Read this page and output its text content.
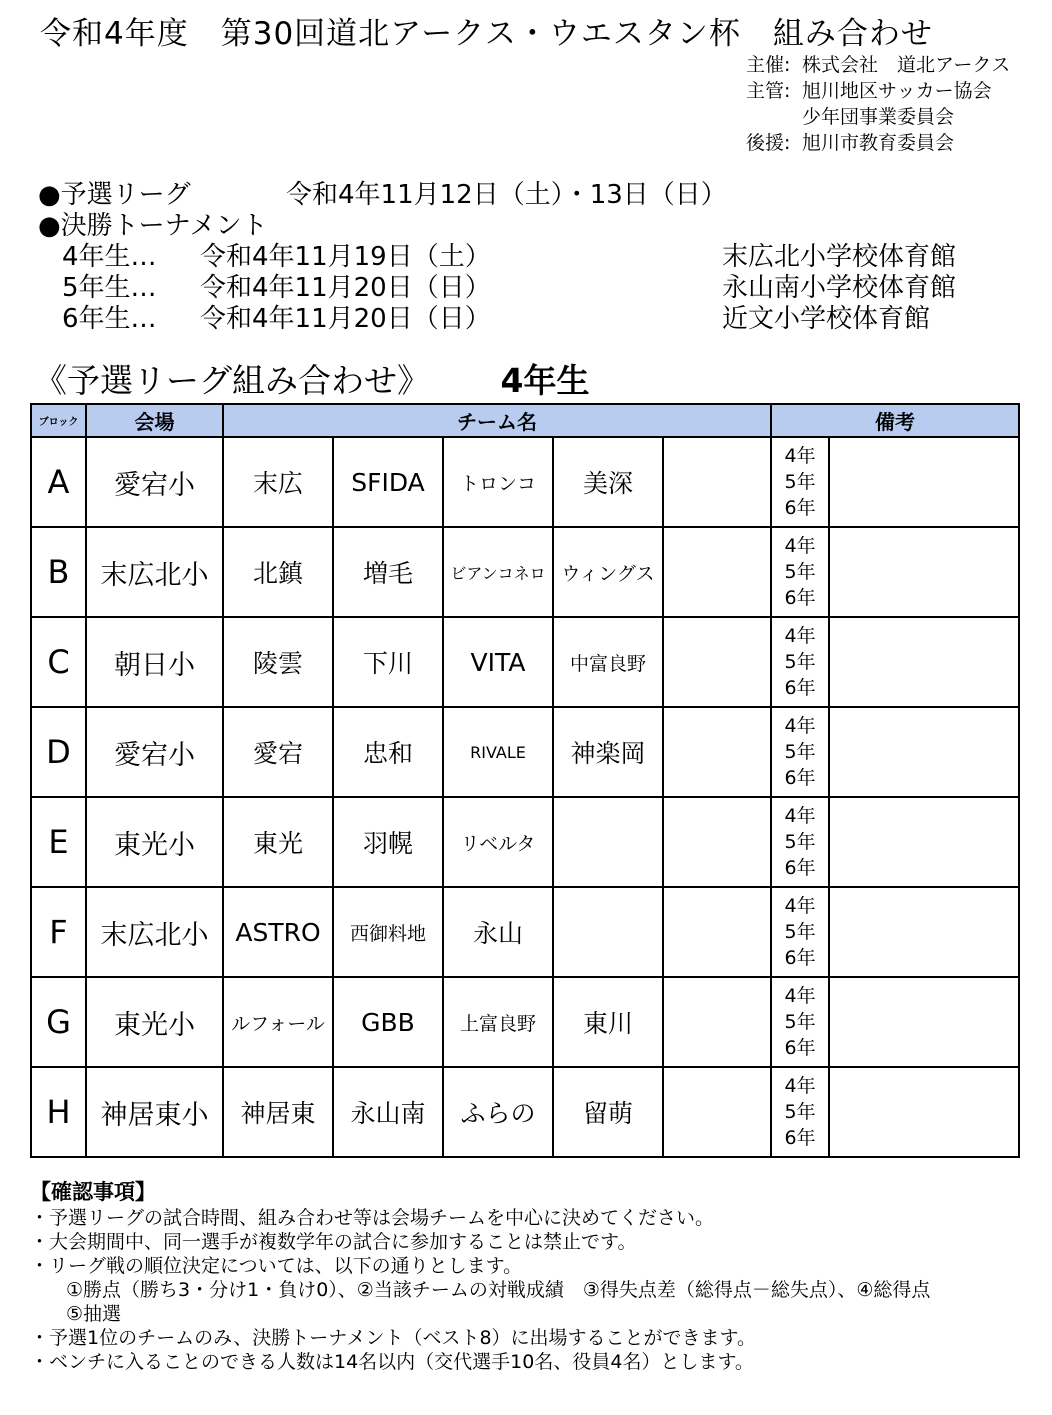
令和4年度　第30回道北アークス・ウエスタン杯　組み合わせ
主催: 株式会社　道北アークス
主管: 旭川地区サッカー協会
少年団事業委員会
後援: 旭川市教育委員会
●予選リーグ	令和4年11月12日（土）・13日（日）
●決勝トーナメント
4年生… 令和4年11月19日（土）	末広北小学校体育館
5年生… 令和4年11月20日（日）	永山南小学校体育館
6年生… 令和4年11月20日（日）	近文小学校体育館
《予選リーグ組み合わせ》 4年生
ブロック	会場	チーム名					備考	
A	愛宕小	末広	SFIDA	トロンコ	美深		4年
5年
6年	

B	末広北小	北鎮	増毛	ビアンコネロ	ウィングス		4年
5年
6年	

C	朝日小	陵雲	下川	VITA	中富良野		4年
5年
6年	

D	愛宕小	愛宕	忠和	RIVALE	神楽岡		4年
5年
6年	

E	東光小	東光	羽幌	リベルタ			4年
5年
6年	

F	末広北小	ASTRO	西御料地	永山			4年
5年
6年	

G	東光小	ルフォール	GBB	上富良野	東川		4年
5年
6年	

H	神居東小	神居東	永山南	ふらの	留萌		4年
5年
6年	

【確認事項】
・予選リーグの試合時間、組み合わせ等は会場チームを中心に決めてください。
・大会期間中、同一選手が複数学年の試合に参加することは禁止です。
・リーグ戦の順位決定については、以下の通りとします。
①勝点（勝ち3・分け1・負け0）、②当該チームの対戦成績　③得失点差（総得点－総失点）、④総得点
⑤抽選
・予選1位のチームのみ、決勝トーナメント（ベスト8）に出場することができます。
・ベンチに入ることのできる人数は14名以内（交代選手10名、役員4名）とします。
